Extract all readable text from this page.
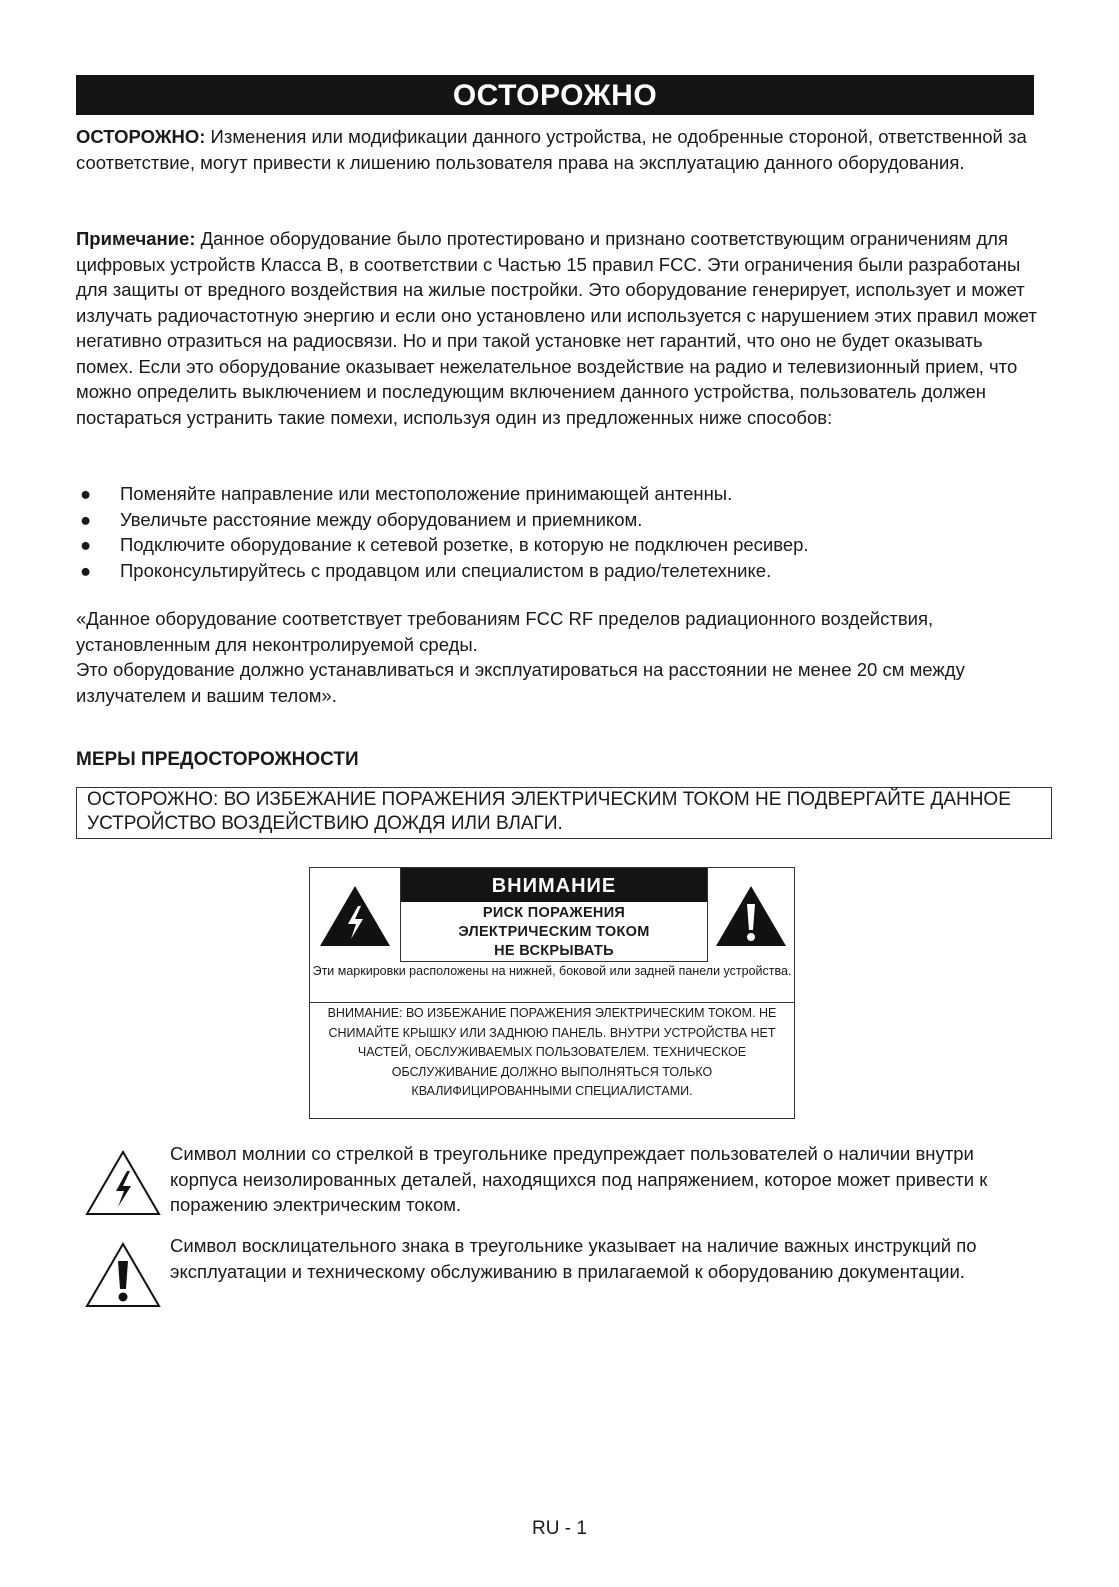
ОСТОРОЖНО

ОСТОРОЖНО: Изменения или модификации данного устройства, не одобренные стороной, ответственной за соответствие, могут привести к лишению пользователя права на эксплуатацию данного оборудования.

Примечание: Данное оборудование было протестировано и признано соответствующим ограничениям для цифровых устройств Класса В, в соответствии с Частью 15 правил FCC. Эти ограничения были разработаны для защиты от вредного воздействия на жилые постройки. Это оборудование генерирует, использует и может излучать радиочастотную энергию и если оно установлено или используется с нарушением этих правил может негативно отразиться на радиосвязи. Но и при такой установке нет гарантий, что оно не будет оказывать помех. Если это оборудование оказывает нежелательное воздействие на радио и телевизионный прием, что можно определить выключением и последующим включением данного устройства, пользователь должен постараться устранить такие помехи, используя один из предложенных ниже способов:

● Поменяйте направление или местоположение принимающей антенны.
● Увеличьте расстояние между оборудованием и приемником.
● Подключите оборудование к сетевой розетке, в которую не подключен ресивер.
● Проконсультируйтесь с продавцом или специалистом в радио/телетехнике.

«Данное оборудование соответствует требованиям FCC RF пределов радиационного воздействия, установленным для неконтролируемой среды.
Это оборудование должно устанавливаться и эксплуатироваться на расстоянии не менее 20 см между излучателем и вашим телом».

МЕРЫ ПРЕДОСТОРОЖНОСТИ
ОСТОРОЖНО: ВО ИЗБЕЖАНИЕ ПОРАЖЕНИЯ ЭЛЕКТРИЧЕСКИМ ТОКОМ НЕ ПОДВЕРГАЙТЕ ДАННОЕ УСТРОЙСТВО ВОЗДЕЙСТВИЮ ДОЖДЯ ИЛИ ВЛАГИ.
ВНИМАНИЕ
РИСК ПОРАЖЕНИЯ
ЭЛЕКТРИЧЕСКИМ ТОКОМ
НЕ ВСКРЫВАТЬ
Эти маркировки расположены на нижней, боковой или задней панели устройства.
ВНИМАНИЕ: ВО ИЗБЕЖАНИЕ ПОРАЖЕНИЯ ЭЛЕКТРИЧЕСКИМ ТОКОМ. НЕ СНИМАЙТЕ КРЫШКУ ИЛИ ЗАДНЮЮ ПАНЕЛЬ. ВНУТРИ УСТРОЙСТВА НЕТ ЧАСТЕЙ, ОБСЛУЖИВАЕМЫХ ПОЛЬЗОВАТЕЛЕМ. ТЕХНИЧЕСКОЕ ОБСЛУЖИВАНИЕ ДОЛЖНО ВЫПОЛНЯТЬСЯ ТОЛЬКО КВАЛИФИЦИРОВАННЫМИ СПЕЦИАЛИСТАМИ.

Символ молнии со стрелкой в треугольнике предупреждает пользователей о наличии внутри корпуса неизолированных деталей, находящихся под напряжением, которое может привести к поражению электрическим током.

Символ восклицательного знака в треугольнике указывает на наличие важных инструкций по эксплуатации и техническому обслуживанию в прилагаемой к оборудованию документации.

RU - 1
